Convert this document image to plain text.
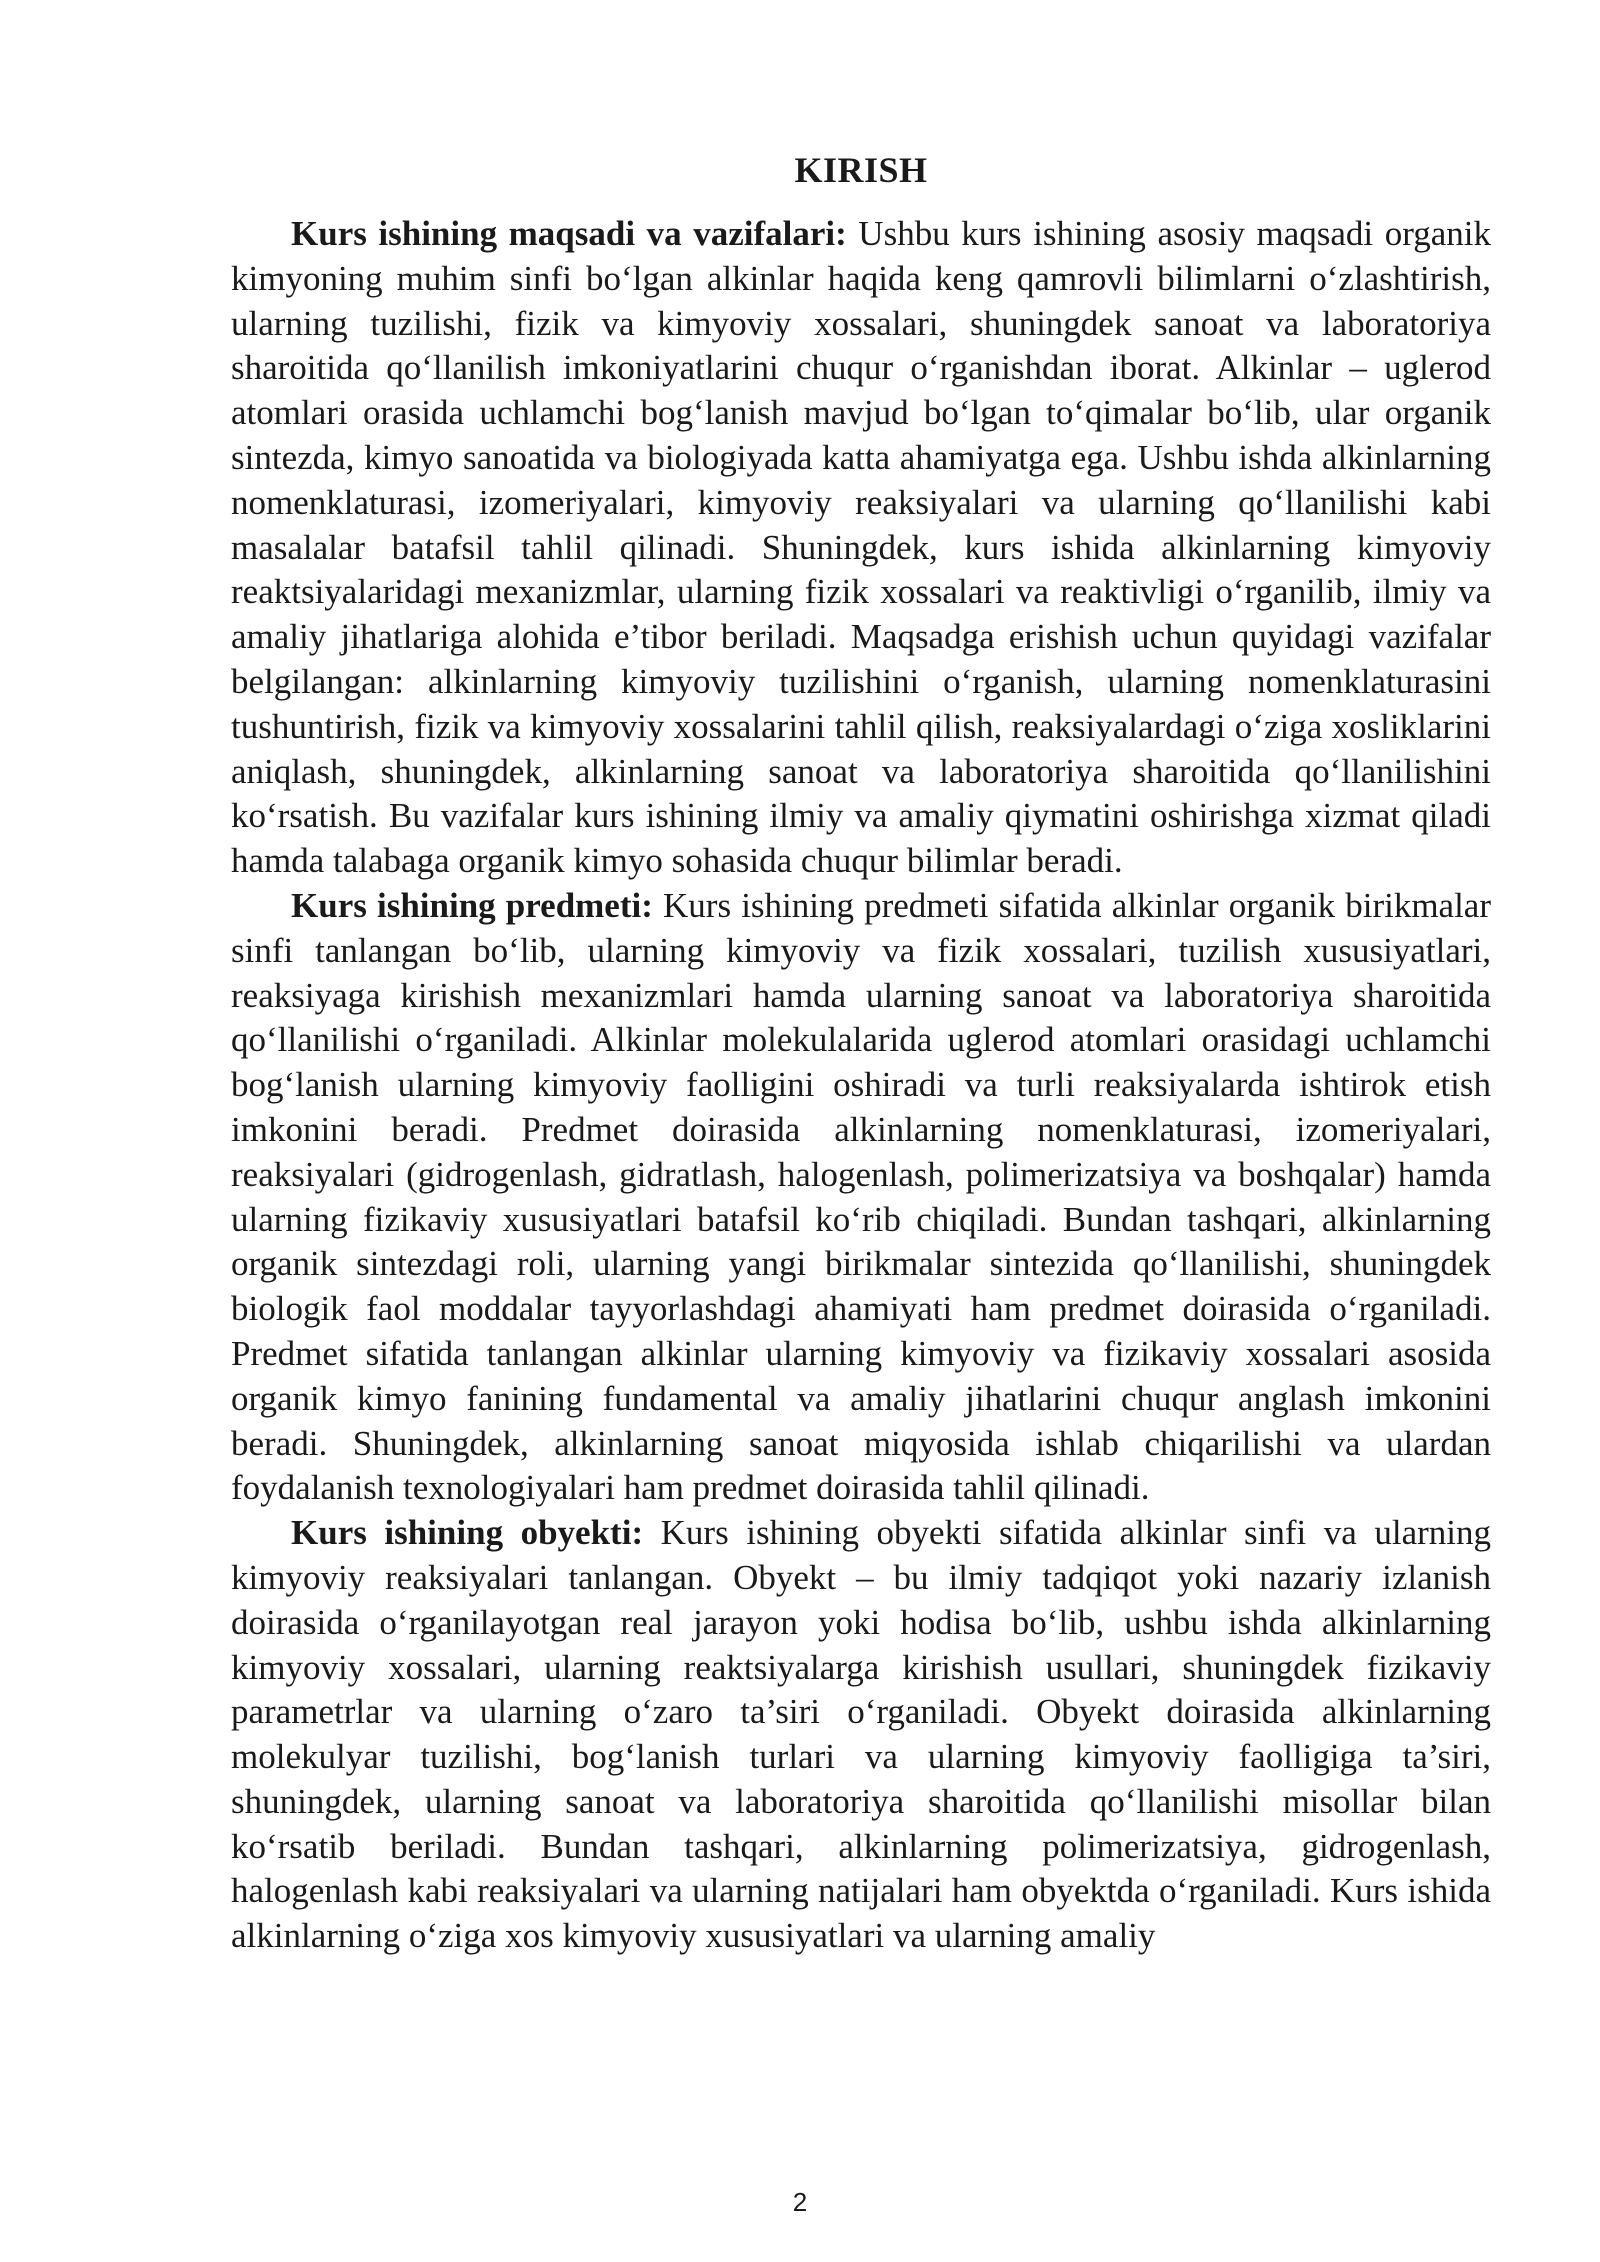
KIRISH

Kurs ishining maqsadi va vazifalari: Ushbu kurs ishining asosiy maqsadi organik kimyoning muhim sinfi bo‘lgan alkinlar haqida keng qamrovli bilimlarni o‘zlashtirish, ularning tuzilishi, fizik va kimyoviy xossalari, shuningdek sanoat va laboratoriya sharoitida qo‘llanilish imkoniyatlarini chuqur o‘rganishdan iborat. Alkinlar – uglerod atomlari orasida uchlamchi bog‘lanish mavjud bo‘lgan to‘qimalar bo‘lib, ular organik sintezda, kimyo sanoatida va biologiyada katta ahamiyatga ega. Ushbu ishda alkinlarning nomenklaturasi, izomeriyalari, kimyoviy reaksiyalari va ularning qo‘llanilishi kabi masalalar batafsil tahlil qilinadi. Shuningdek, kurs ishida alkinlarning kimyoviy reaktsiyalaridagi mexanizmlar, ularning fizik xossalari va reaktivligi o‘rganilib, ilmiy va amaliy jihatlariga alohida e’tibor beriladi. Maqsadga erishish uchun quyidagi vazifalar belgilangan: alkinlarning kimyoviy tuzilishini o‘rganish, ularning nomenklaturasini tushuntirish, fizik va kimyoviy xossalarini tahlil qilish, reaksiyalardagi o‘ziga xosliklarini aniqlash, shuningdek, alkinlarning sanoat va laboratoriya sharoitida qo‘llanilishini ko‘rsatish. Bu vazifalar kurs ishining ilmiy va amaliy qiymatini oshirishga xizmat qiladi hamda talabaga organik kimyo sohasida chuqur bilimlar beradi.

Kurs ishining predmeti: Kurs ishining predmeti sifatida alkinlar organik birikmalar sinfi tanlangan bo‘lib, ularning kimyoviy va fizik xossalari, tuzilish xususiyatlari, reaksiyaga kirishish mexanizmlari hamda ularning sanoat va laboratoriya sharoitida qo‘llanilishi o‘rganiladi. Alkinlar molekulalarida uglerod atomlari orasidagi uchlamchi bog‘lanish ularning kimyoviy faolligini oshiradi va turli reaksiyalarda ishtirok etish imkonini beradi. Predmet doirasida alkinlarning nomenklaturasi, izomeriyalari, reaksiyalari (gidrogenlash, gidratlash, halogenlash, polimerizatsiya va boshqalar) hamda ularning fizikaviy xususiyatlari batafsil ko‘rib chiqiladi. Bundan tashqari, alkinlarning organik sintezdagi roli, ularning yangi birikmalar sintezida qo‘llanilishi, shuningdek biologik faol moddalar tayyorlashdagi ahamiyati ham predmet doirasida o‘rganiladi. Predmet sifatida tanlangan alkinlar ularning kimyoviy va fizikaviy xossalari asosida organik kimyo fanining fundamental va amaliy jihatlarini chuqur anglash imkonini beradi. Shuningdek, alkinlarning sanoat miqyosida ishlab chiqarilishi va ulardan foydalanish texnologiyalari ham predmet doirasida tahlil qilinadi.

Kurs ishining obyekti: Kurs ishining obyekti sifatida alkinlar sinfi va ularning kimyoviy reaksiyalari tanlangan. Obyekt – bu ilmiy tadqiqot yoki nazariy izlanish doirasida o‘rganilayotgan real jarayon yoki hodisa bo‘lib, ushbu ishda alkinlarning kimyoviy xossalari, ularning reaktsiyalarga kirishish usullari, shuningdek fizikaviy parametrlar va ularning o‘zaro ta’siri o‘rganiladi. Obyekt doirasida alkinlarning molekulyar tuzilishi, bog‘lanish turlari va ularning kimyoviy faolligiga ta’siri, shuningdek, ularning sanoat va laboratoriya sharoitida qo‘llanilishi misollar bilan ko‘rsatib beriladi. Bundan tashqari, alkinlarning polimerizatsiya, gidrogenlash, halogenlash kabi reaksiyalari va ularning natijalari ham obyektda o‘rganiladi. Kurs ishida alkinlarning o‘ziga xos kimyoviy xususiyatlari va ularning amaliy

2
